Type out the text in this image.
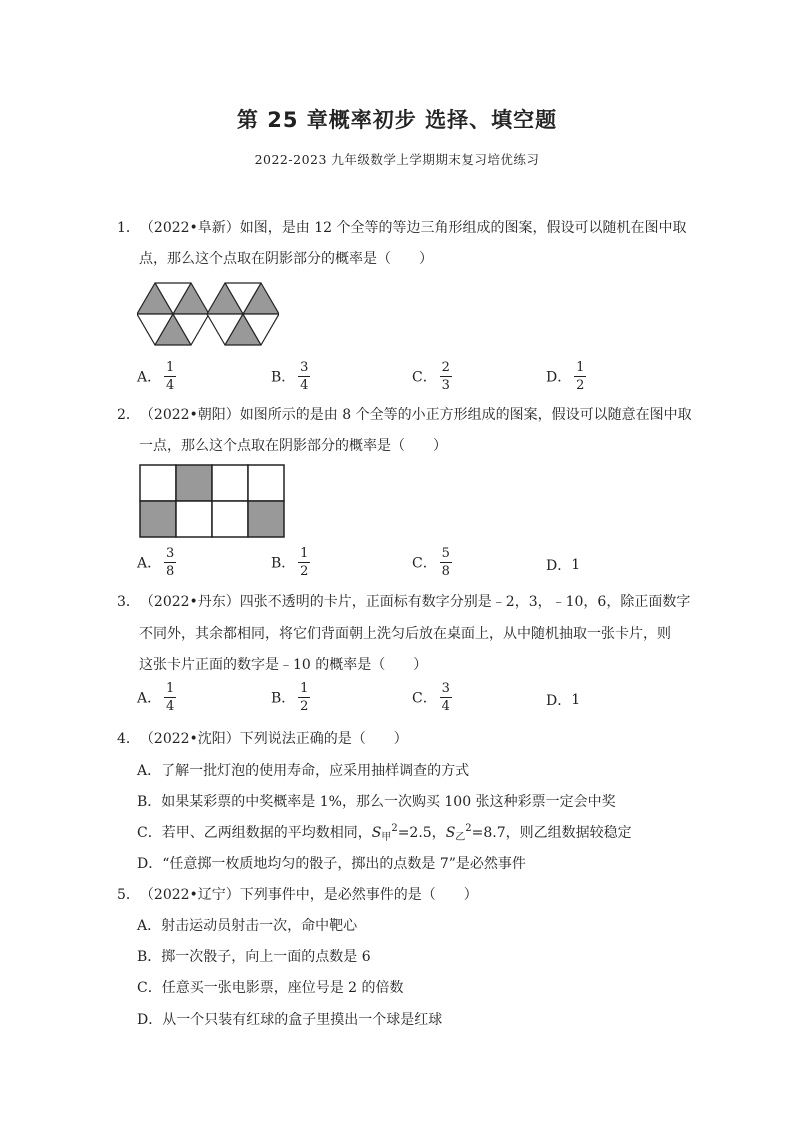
第 25 章概率初步 选择、填空题
2022-2023 九年级数学上学期期末复习培优练习
1．（2022•阜新）如图，是由 12 个全等的等边三角形组成的图案，假设可以随机在图中取
点，那么这个点取在阴影部分的概率是（　　）
A． $\frac{1}{4}$	B． $\frac{3}{4}$	C． $\frac{2}{3}$	D． $\frac{1}{2}$
2．（2022•朝阳）如图所示的是由 8 个全等的小正方形组成的图案，假设可以随意在图中取
一点，那么这个点取在阴影部分的概率是（　　）
A． $\frac{3}{8}$	B． $\frac{1}{2}$	C． $\frac{5}{8}$	D．1
3．（2022•丹东）四张不透明的卡片，正面标有数字分别是﹣2，3，﹣10，6，除正面数字
不同外，其余都相同，将它们背面朝上洗匀后放在桌面上，从中随机抽取一张卡片，则
这张卡片正面的数字是﹣10 的概率是（　　）
A． $\frac{1}{4}$	B． $\frac{1}{2}$	C． $\frac{3}{4}$	D．1
4．（2022•沈阳）下列说法正确的是（　　）
A．了解一批灯泡的使用寿命，应采用抽样调查的方式
B．如果某彩票的中奖概率是 1%，那么一次购买 100 张这种彩票一定会中奖
C．若甲、乙两组数据的平均数相同，$S_甲^2=2.5$，$S_乙^2=8.7$，则乙组数据较稳定
D．“任意掷一枚质地均匀的骰子，掷出的点数是 7”是必然事件
5．（2022•辽宁）下列事件中，是必然事件的是（　　）
A．射击运动员射击一次，命中靶心
B．掷一次骰子，向上一面的点数是 6
C．任意买一张电影票，座位号是 2 的倍数
D．从一个只装有红球的盒子里摸出一个球是红球
